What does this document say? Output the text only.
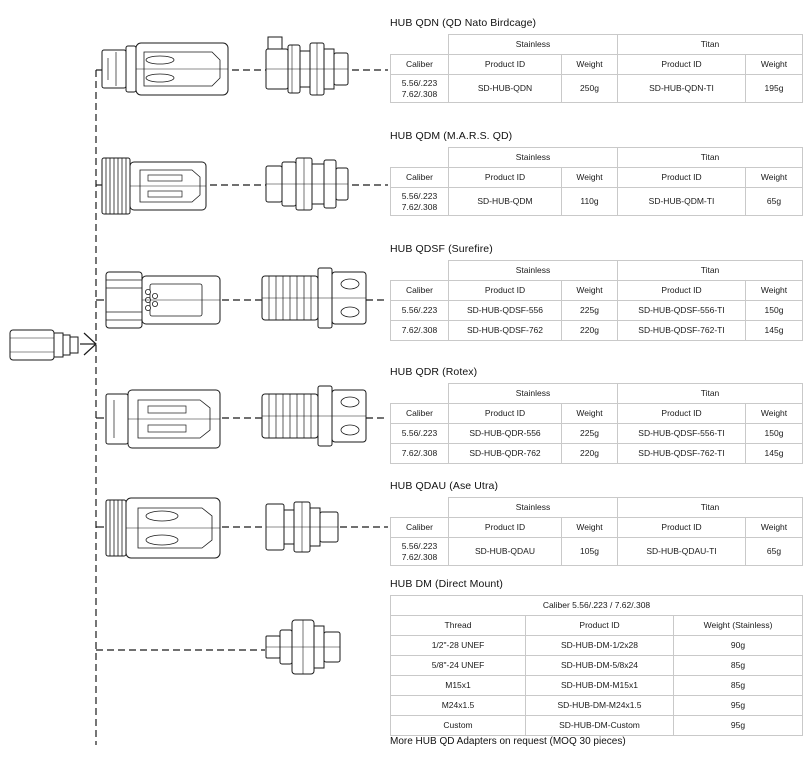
HUB QDN (QD Nato Birdcage)
	Stainless		Titan	
Caliber	Product ID	Weight	Product ID	Weight

5.56/.223
7.62/.308	SD-HUB-QDN	250g	SD-HUB-QDN-TI	195g
HUB QDM (M.A.R.S. QD)
	Stainless		Titan	
Caliber	Product ID	Weight	Product ID	Weight

5.56/.223
7.62/.308	SD-HUB-QDM	110g	SD-HUB-QDM-TI	65g
HUB QDSF (Surefire)
	Stainless		Titan	
Caliber	Product ID	Weight	Product ID	Weight
5.56/.223	SD-HUB-QDSF-556	225g	SD-HUB-QDSF-556-TI	150g
7.62/.308	SD-HUB-QDSF-762	220g	SD-HUB-QDSF-762-TI	145g
HUB QDR (Rotex)
	Stainless		Titan	
Caliber	Product ID	Weight	Product ID	Weight
5.56/.223	SD-HUB-QDR-556	225g	SD-HUB-QDSF-556-TI	150g
7.62/.308	SD-HUB-QDR-762	220g	SD-HUB-QDSF-762-TI	145g
HUB QDAU (Ase Utra)
	Stainless		Titan	
Caliber	Product ID	Weight	Product ID	Weight

5.56/.223
7.62/.308	SD-HUB-QDAU	105g	SD-HUB-QDAU-TI	65g
HUB DM (Direct Mount)
Caliber 5.56/.223 / 7.62/.308		
Thread	Product ID	Weight (Stainless)
1/2"-28 UNEF	SD-HUB-DM-1/2x28	90g
5/8"-24 UNEF	SD-HUB-DM-5/8x24	85g
M15x1	SD-HUB-DM-M15x1	85g
M24x1.5	SD-HUB-DM-M24x1.5	95g
Custom	SD-HUB-DM-Custom	95g
More HUB QD Adapters on request (MOQ 30 pieces)
